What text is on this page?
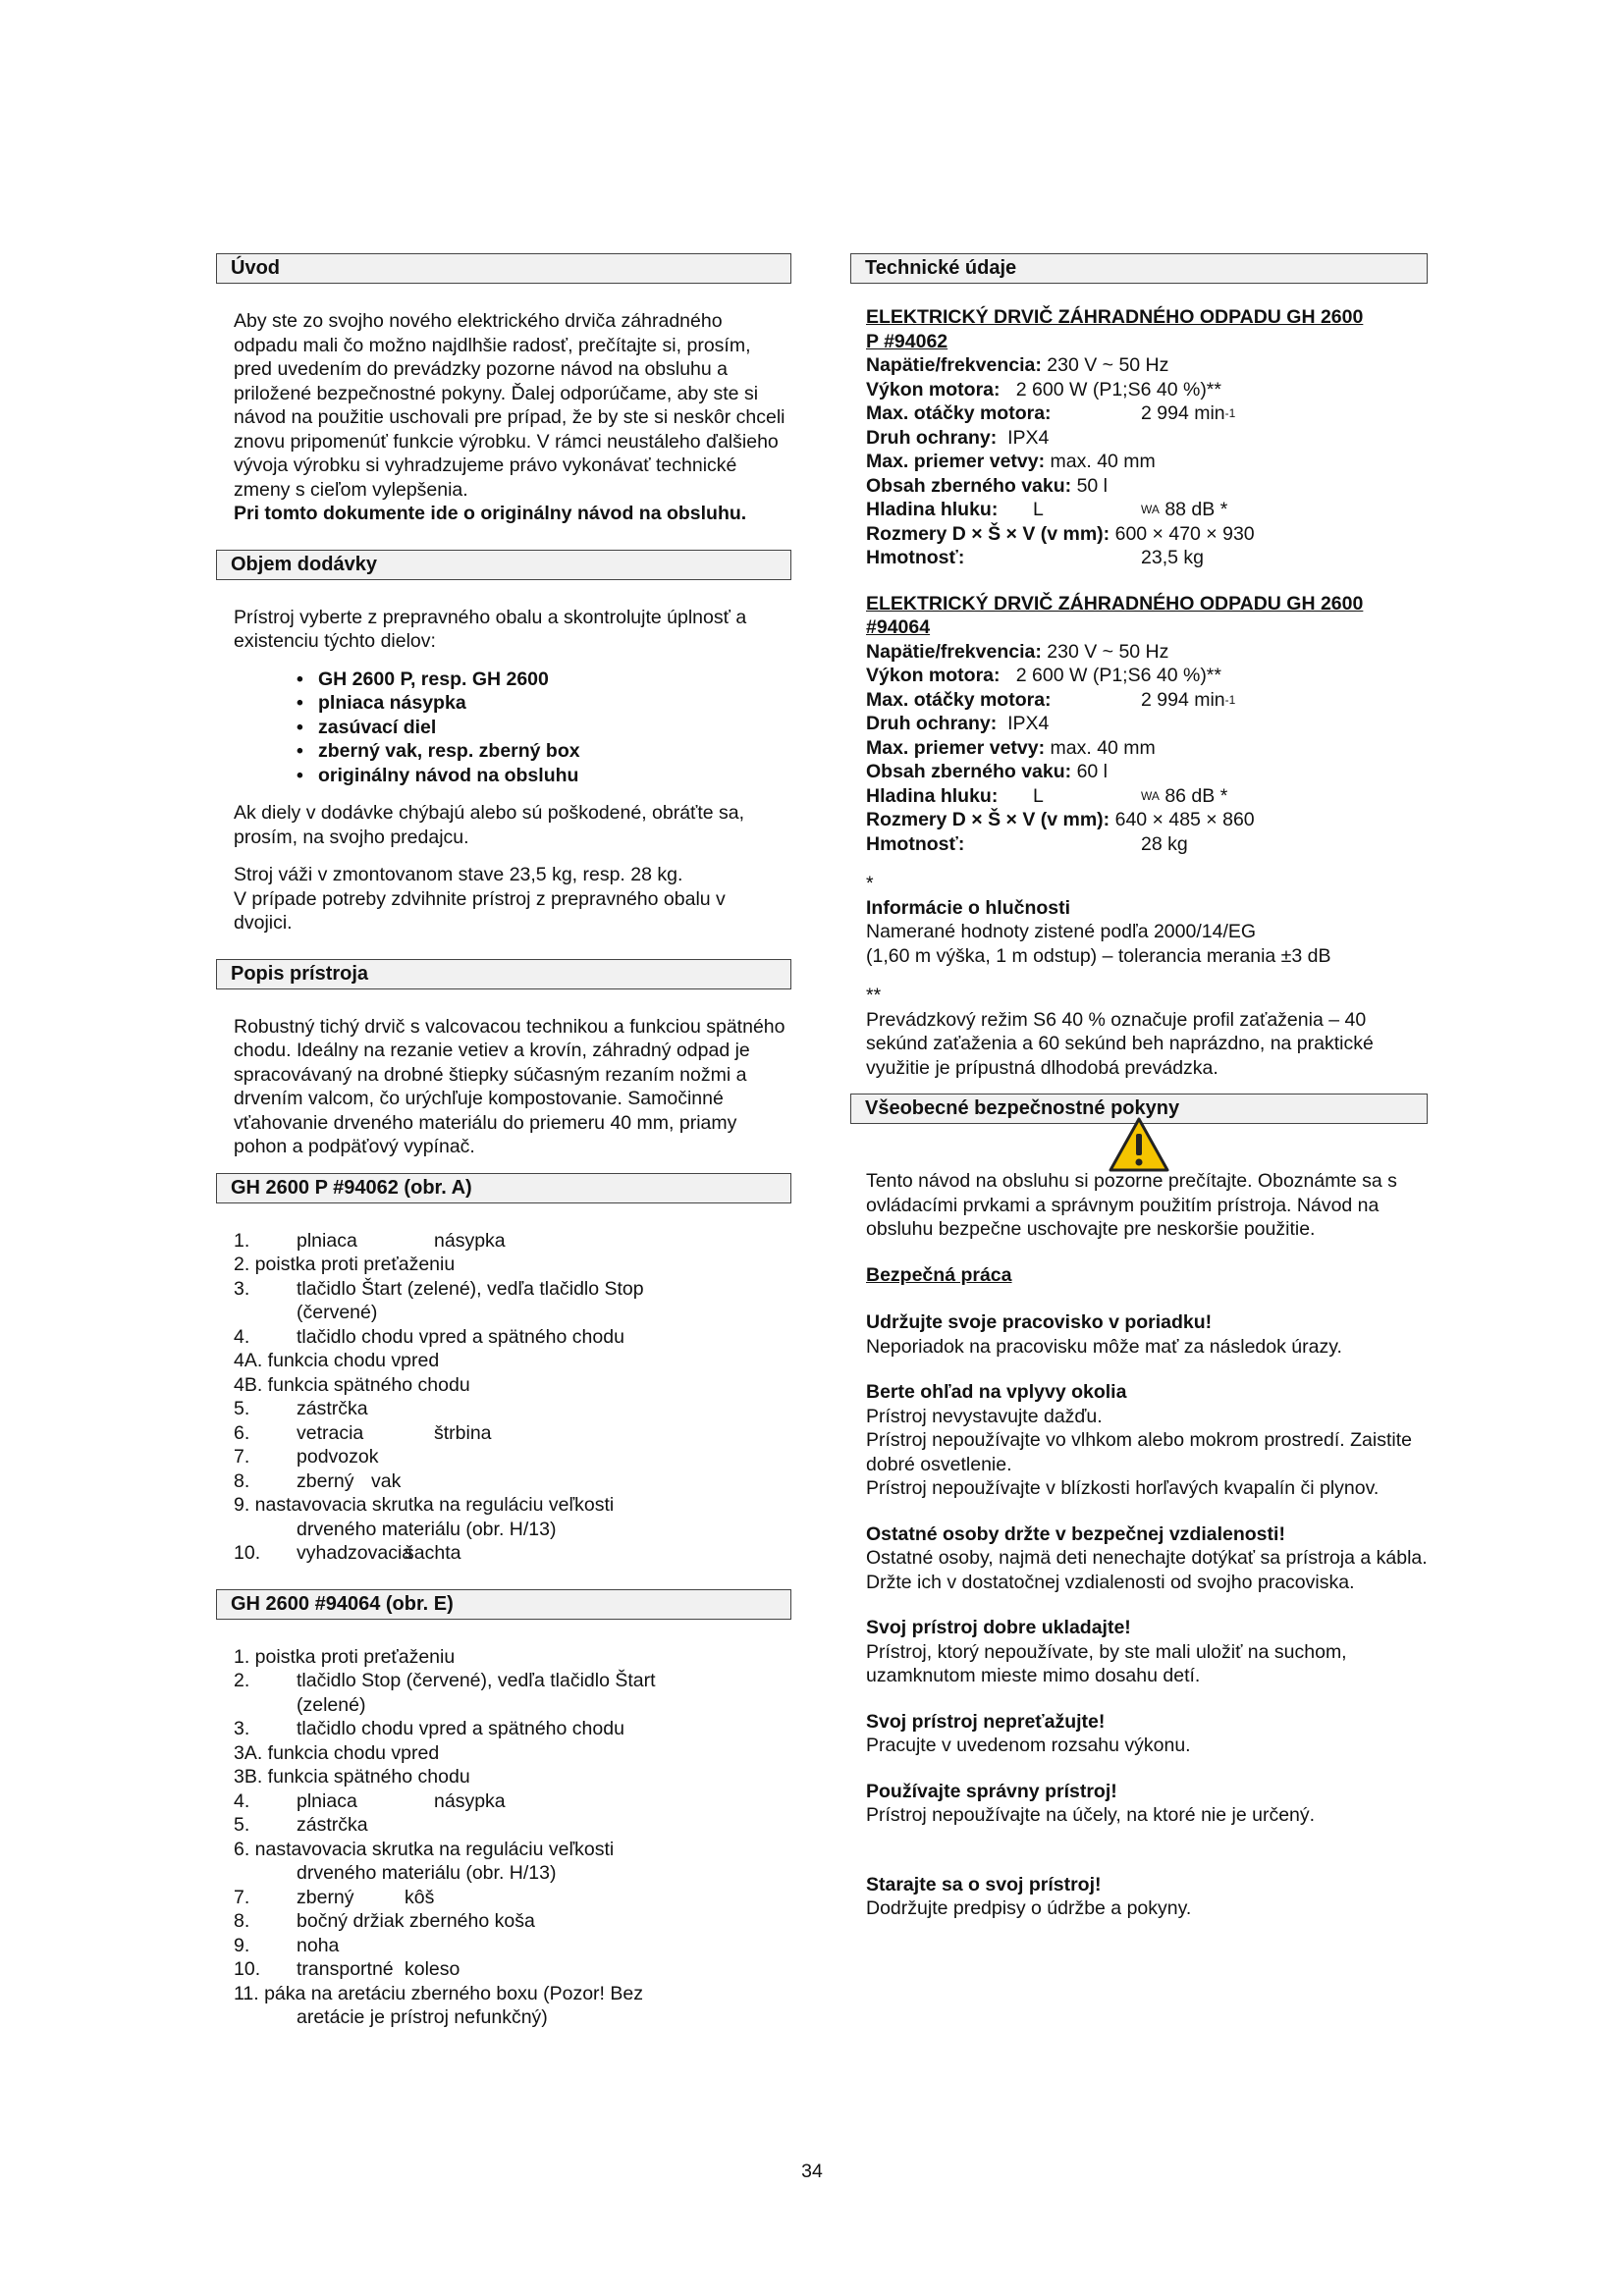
Úvod

Aby ste zo svojho nového elektrického drviča záhradného odpadu mali čo možno najdlhšie radosť, prečítajte si, prosím, pred uvedením do prevádzky pozorne návod na obsluhu a priložené bezpečnostné pokyny. Ďalej odporúčame, aby ste si návod na použitie uschovali pre prípad, že by ste si neskôr chceli znovu pripomenúť funkcie výrobku. V rámci neustáleho ďalšieho vývoja výrobku si vyhradzujeme právo vykonávať technické zmeny s cieľom vylepšenia.

Pri tomto dokumente ide o originálny návod na obsluhu.

Objem dodávky

Prístroj vyberte z prepravného obalu a skontrolujte úplnosť a existenciu týchto dielov:

• GH 2600 P, resp. GH 2600
• plniaca násypka
• zasúvací diel
• zberný vak, resp. zberný box
• originálny návod na obsluhu

Ak diely v dodávke chýbajú alebo sú poškodené, obráťte sa, prosím, na svojho predajcu.

Stroj váži v zmontovanom stave 23,5 kg, resp. 28 kg.

V prípade potreby zdvihnite prístroj z prepravného obalu v dvojici.

Popis prístroja

Robustný tichý drvič s valcovacou technikou a funkciou spätného chodu. Ideálny na rezanie vetiev a krovín, záhradný odpad je spracovávaný na drobné štiepky súčasným rezaním nožmi a drvením valcom, čo urýchľuje kompostovanie. Samočinné vťahovanie drveného materiálu do priemeru 40 mm, priamy pohon a podpäťový vypínač.

GH 2600 P #94062 (obr. A)
1.	plniaca	násypka
2. poistka proti preťaženiu
3.	tlačidlo Štart (zelené), vedľa tlačidlo Stop
(červené)
4.	tlačidlo chodu vpred a spätného chodu
4A. funkcia chodu vpred
4B. funkcia spätného chodu
5.	zástrčka
6.	vetracia	štrbina
7.	podvozok
8.	zberný vak
9. nastavovacia skrutka na reguláciu veľkosti
drveného materiálu (obr. H/13)
10.	vyhadzovaciašachta
GH 2600 #94064 (obr. E)
1. poistka proti preťaženiu
2.	tlačidlo Stop (červené), vedľa tlačidlo Štart
(zelené)
3.	tlačidlo chodu vpred a spätného chodu
3A. funkcia chodu vpred
3B. funkcia spätného chodu
4.	plniaca	násypka
5.	zástrčka
6. nastavovacia skrutka na reguláciu veľkosti
drveného materiálu (obr. H/13)
7.	zberný	kôš
8.	bočný držiak zberného koša
9.	noha
10.	transportné koleso
11. páka na aretáciu zberného boxu (Pozor! Bez
aretácie je prístroj nefunkčný)
Technické údaje

ELEKTRICKÝ DRVIČ ZÁHRADNÉHO ODPADU GH 2600
P #94062

Napätie/frekvencia:
230 V ~ 50 Hz
Výkon motora:
2 600 W (P1;S6 40 %)**
Max. otáčky motora:	2 994 min -1
Druh ochrany:
IPX4
Max. priemer vetvy:
max. 40 mm
Obsah zberného vaku:
50 l
Hladina hluku:	L	WA
88 dB *
Rozmery D × Š × V (v mm):
600 × 470 × 930
Hmotnosť:	23,5 kg

ELEKTRICKÝ DRVIČ ZÁHRADNÉHO ODPADU GH 2600
#94064

Napätie/frekvencia:
230 V ~ 50 Hz
Výkon motora:
2 600 W (P1;S6 40 %)**
Max. otáčky motora:	2 994 min -1
Druh ochrany:
IPX4
Max. priemer vetvy:
max. 40 mm
Obsah zberného vaku:
60 l
Hladina hluku:	L	WA
86 dB *
Rozmery D × Š × V (v mm):
640 × 485 × 860
Hmotnosť:	28 kg

*

Informácie o hlučnosti

Namerané hodnoty zistené podľa 2000/14/EG

(1,60 m výška, 1 m odstup) – tolerancia merania ±3 dB

**

Prevádzkový režim S6 40 % označuje profil zaťaženia – 40 sekúnd zaťaženia a 60 sekúnd beh naprázdno, na praktické využitie je prípustná dlhodobá prevádzka.

Všeobecné bezpečnostné pokyny

Tento návod na obsluhu si pozorne prečítajte. Oboznámte sa s ovládacími prvkami a správnym použitím prístroja. Návod na obsluhu bezpečne uschovajte pre neskoršie použitie.

Bezpečná práca

Udržujte svoje pracovisko v poriadku!

Neporiadok na pracovisku môže mať za následok úrazy.

Berte ohľad na vplyvy okolia

Prístroj nevystavujte dažďu.

Prístroj nepoužívajte vo vlhkom alebo mokrom prostredí. Zaistite dobré osvetlenie.

Prístroj nepoužívajte v blízkosti horľavých kvapalín či plynov.

Ostatné osoby držte v bezpečnej vzdialenosti!

Ostatné osoby, najmä deti nenechajte dotýkať sa prístroja a kábla. Držte ich v dostatočnej vzdialenosti od svojho pracoviska.

Svoj prístroj dobre ukladajte!

Prístroj, ktorý nepoužívate, by ste mali uložiť na suchom, uzamknutom mieste mimo dosahu detí.

Svoj prístroj nepreťažujte!

Pracujte v uvedenom rozsahu výkonu.

Používajte správny prístroj!

Prístroj nepoužívajte na účely, na ktoré nie je určený.

Starajte sa o svoj prístroj!

Dodržujte predpisy o údržbe a pokyny.

34
